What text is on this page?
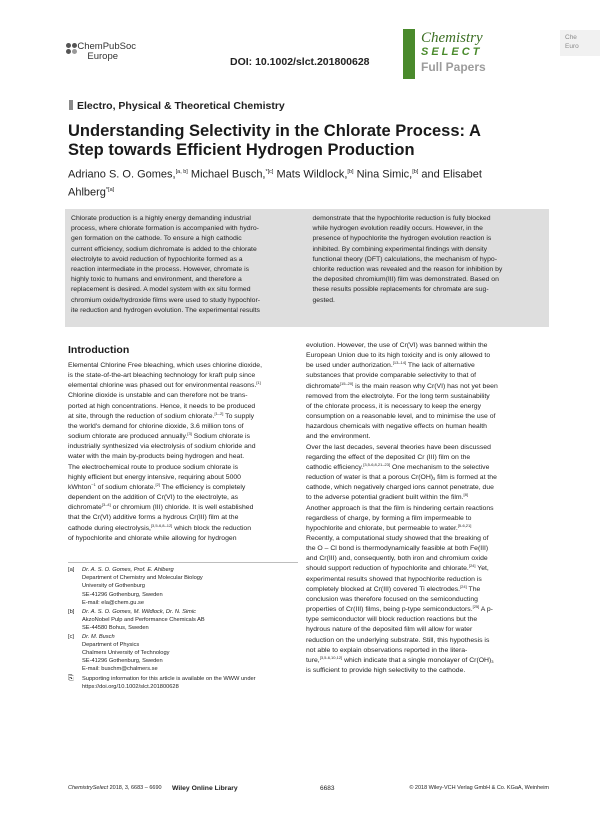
ChemPubSoc
Europe	DOI: 10.1002/slct.201800628
Chemistry
SELECT
Full Papers
Che
Euro
Electro, Physical & Theoretical Chemistry
Understanding Selectivity in the Chlorate Process: A Step towards Efficient Hydrogen Production
Adriano S. O. Gomes,[a, b] Michael Busch,$^{*[c]}$ Mats Wildlock,[b] Nina Simic,[b] and Elisabet Ahlberg$^{*[a]}$
Chlorate production is a highly energy demanding industrial
process, where chlorate formation is accompanied with hydro-
gen formation on the cathode. To ensure a high cathodic
current efficiency, sodium dichromate is added to the chlorate
electrolyte to avoid reduction of hypochlorite formed as a
reaction intermediate in the process. However, chromate is
highly toxic to humans and environment, and therefore a
replacement is desired. A model system with ex situ formed
chromium oxide/hydroxide films were used to study hypochlor-
ite reduction and hydrogen evolution. The experimental results
demonstrate that the hypochlorite reduction is fully blocked
while hydrogen evolution readily occurs. However, in the
presence of hypochlorite the hydrogen evolution reaction is
inhibited. By combining experimental findings with density
functional theory (DFT) calculations, the mechanism of hypo-
chlorite reduction was revealed and the reason for inhibition by
the deposited chromium(III) film was demonstrated. Based on
these results possible replacements for chromate are sug-
gested.
Introduction
Elemental Chlorine Free bleaching, which uses chlorine dioxide,
is the state-of-the-art bleaching technology for kraft pulp since
elemental chlorine was phased out for environmental reasons.[1]
Chlorine dioxide is unstable and can therefore not be trans-
ported at high concentrations. Hence, it needs to be produced
at site, through the reduction of sodium chlorate.[1–2] To supply
the world's demand for chlorine dioxide, 3.6 million tons of
sodium chlorate are produced annually.[3] Sodium chlorate is
industrially synthesized via electrolysis of sodium chloride and
water with the main by-products being hydrogen and heat.
The electrochemical route to produce sodium chlorate is
highly efficient but energy intensive, requiring about 5000
kWhton$^{-1}$ of sodium chlorate.[2] The efficiency is completely
dependent on the addition of Cr(VI) to the electrolyte, as
dichromate[3–4] or chromium (III) chloride. It is well established
that the Cr(VI) additive forms a hydrous Cr(III) film at the
cathode during electrolysis,[3,5-6,8–12] which block the reduction
of hypochlorite and chlorate while allowing for hydrogen
evolution. However, the use of Cr(VI) was banned within the
European Union due to its high toxicity and is only allowed to
be used under authorization.[13–14] The lack of alternative
substances that provide comparable selectivity to that of
dichromate[15–20] is the main reason why Cr(VI) has not yet been
removed from the electrolyte. For the long term sustainability
of the chlorate process, it is necessary to keep the energy
consumption on a reasonable level, and to minimise the use of
hazardous chemicals with negative effects on human health
and the environment.
Over the last decades, several theories have been discussed
regarding the effect of the deposited Cr (III) film on the
cathodic efficiency.[3,5-6,8,21–23] One mechanism to the selective
reduction of water is that a porous $Cr(OH)_3$ film is formed at the
cathode, which negatively charged ions cannot penetrate, due
to the adverse potential gradient built within the film.[8]
Another approach is that the film is hindering certain reactions
regardless of charge, by forming a film impermeable to
hypochlorite and chlorate, but permeable to water.[5-6,21]
Recently, a computational study showed that the breaking of
the O – Cl bond is thermodynamically feasible at both Fe(III)
and Cr(III) and, consequently, both iron and chromium oxide
should support reduction of hypochlorite and chlorate.[24] Yet,
experimental results showed that hypochlorite reduction is
completely blocked at Cr(III) covered Ti electrodes.[24] The
conclusion was therefore focused on the semiconducting
properties of Cr(III) films, being p-type semiconductors.[25] A p-
type semiconductor will block reduction reactions but the
hydrous nature of the deposited film will allow for water
reduction on the underlying substrate. Still, this hypothesis is
not able to explain observations reported in the litera-
ture,[3,5-6,10,12] which indicate that a single monolayer of $Cr(OH)_3$
is sufficient to provide high selectivity to the cathode.
[a]	Dr. A. S. O. Gomes, Prof. E. Ahlberg
Department of Chemistry and Molecular Biology
University of Gothenburg
SE-41296 Gothenburg, Sweden
E-mail: ela@chem.gu.se
[b]	Dr. A. S. O. Gomes, M. Wildlock, Dr. N. Simic
AkzoNobel Pulp and Performance Chemicals AB
SE-44580 Bohus, Sweden
[c]	Dr. M. Busch
Department of Physics
Chalmers University of Technology
SE-41296 Gothenburg, Sweden
E-mail: buschm@chalmers.se
⎘	Supporting information for this article is available on the WWW under
https://doi.org/10.1002/slct.201800628
ChemistrySelect 2018, 3, 6683 – 6690 Wiley Online Library	6683	© 2018 Wiley-VCH Verlag GmbH & Co. KGaA, Weinheim
